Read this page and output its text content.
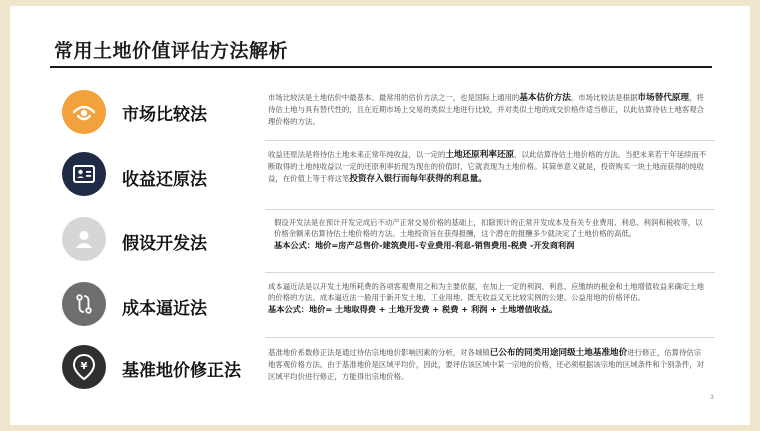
常用土地价值评估方法解析
市场比较法
市场比较法是土地估价中最基本、最常用的估价方法之一，也是国际上通用的基本估价方法。市场比较法是根据市场替代原理，将待估土地与具有替代性的，且在近期市场上交易的类似土地进行比较，并对类似土地的成交价格作适当修正，以此估算待估土地客观合理价格的方法。
收益还原法
收益还原法是将待估土地未来正常年纯收益，以一定的土地还原利率还原，以此估算待估土地价格的方法。当把未来若干年延续而不断取得的土地纯收益以一定的还原利率折现为现在的价值时，它就表现为土地价格。其简单意义就是，投资购买一块土地而获得的纯收益，在价值上等于将这笔投资存入银行而每年获得的利息量。
假设开发法
假设开发法是在预计开发完成后不动产正常交易价格的基础上，扣除预计的正常开发成本及有关专业费用、利息、利润和税收等，以价格余额来估算待估土地价格的方法。土地投资旨在获得报酬，这个潜在的报酬多少就决定了土地价格的高低。
基本公式：地价=房产总售价-建筑费用-专业费用-利息-销售费用-税费 -开发商利润
成本逼近法
成本逼近法是以开发土地所耗费的各项客观费用之和为主要依据，在加上一定的利润、利息、应缴纳的税金和土地增值收益来确定土地的价格的方法。成本逼近法一般用于新开发土地、工业用地、既无收益又无比较实例的公建、公益用地的价格评估。
基本公式：地价= 土地取得费 + 土地开发费 + 税费 + 利润 + 土地增值收益。
¥ 基准地价修正法
基准地价系数修正法是通过待估宗地地价影响因素的分析，对各城镇已公布的同类用途同级土地基准地价进行修正，估算待估宗地客观价格方法。由于基准地价是区域平均价，因此，要评估该区域中某一宗地的价格，还必须根据该宗地的区域条件和个别条件，对区域平均价进行修正，方能得出宗地价格。
3
